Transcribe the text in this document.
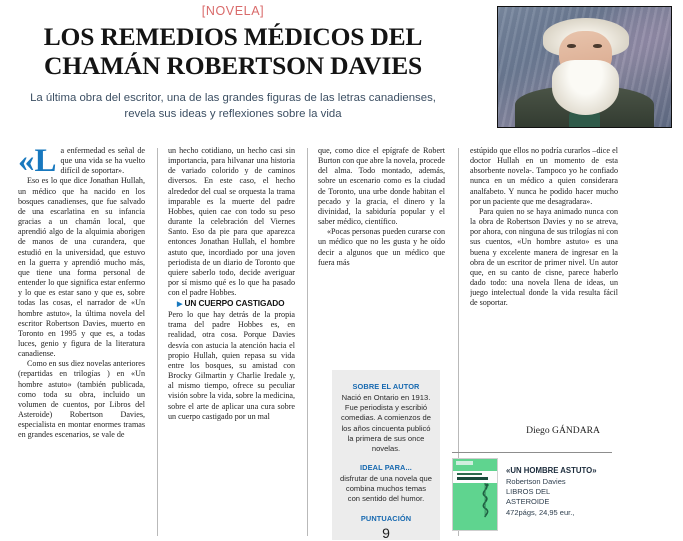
[NOVELA]
LOS REMEDIOS MÉDICOS DEL CHAMÁN ROBERTSON DAVIES
La última obra del escritor, una de las grandes figuras de las letras canadienses, revela sus ideas y reflexiones sobre la vida

«La enfermedad es señal de que una vida se ha vuelto difícil de soportar».

Eso es lo que dice Jonathan Hullah, un médico que ha nacido en los bosques canadienses, que fue salvado de una escarlatina en su infancia gracias a un chamán local, que aprendió algo de la alquimia aborigen de manos de una curandera, que estudió en la universidad, que estuvo en la guerra y aprendió mucho más, que tiene una forma personal de entender lo que significa estar enfermo y lo que es estar sano y que es, sobre todas las cosas, el narrador de «Un hombre astuto», la última novela del escritor Robertson Davies, muerto en Toronto en 1995 y que es, a todas luces, genio y figura de la literatura canadiense.

Como en sus diez novelas anteriores (repartidas en trilogías ) en «Un hombre astuto» (también publicada, como toda su obra, incluido un volumen de cuentos, por Libros del Asteroide) Robertson Davies, especialista en montar enormes tramas en grandes escenarios, se vale de

un hecho cotidiano, un hecho casi sin importancia, para hilvanar una historia de variado colorido y de caminos diversos. En este caso, el hecho alrededor del cual se orquesta la trama imparable es la muerte del padre Hobbes, quien cae con todo su peso durante la celebración del Viernes Santo. Eso da pie para que aparezca entonces Jonathan Hullah, el hombre astuto que, incordiado por una joven periodista de un diario de Toronto que quiere saberlo todo, decide averiguar por sí mismo qué es lo que ha pasado con el padre Hobbes.

▶ UN CUERPO CASTIGADO

Pero lo que hay detrás de la propia trama del padre Hobbes es, en realidad, otra cosa. Porque Davies desvía con astucia la atención hacia el propio Hullah, quien repasa su vida entre los bosques, su amistad con Brocky Gilmartin y Charlie Iredale y, al mismo tiempo, ofrece su peculiar visión sobre la vida, sobre la medicina, sobre el arte de aplicar una cura sobre un cuerpo castigado por un mal

que, como dice el epígrafe de Robert Burton con que abre la novela, procede del alma. Todo montado, además, sobre un escenario como es la ciudad de Toronto, una urbe donde habitan el pecado y la gracia, el dinero y la divinidad, la sabiduría popular y el saber médico, científico.

«Pocas personas pueden curarse con un médico que no les gusta y he oído decir a algunos que un médico que fuera más

estúpido que ellos no podría curarlos –dice el doctor Hullah en un momento de esta absorbente novela-. Tampoco yo he confiado nunca en un médico a quien considerara analfabeto. Y nunca he podido hacer mucho por un paciente que me desagradara».

Para quien no se haya animado nunca con la obra de Robertson Davies y no se atreva, por ahora, con ninguna de sus trilogías ni con sus cuentos, «Un hombre astuto» es una buena y excelente manera de ingresar en la obra de un escritor de primer nivel. Un autor que, en su canto de cisne, parece haberlo dado todo: una novela llena de ideas, un juego intelectual donde la vida resulta fácil de soportar.

SOBRE EL AUTOR
Nació en Ontario en 1913. Fue periodista y escribió comedias. A comienzos de los años cincuenta publicó la primera de sus once novelas.
IDEAL PARA...
disfrutar de una novela que combina muchos temas con sentido del humor.
PUNTUACIÓN
9
Diego GÁNDARA
«UN HOMBRE ASTUTO»
Robertson Davies
LIBROS DEL
ASTEROIDE
472págs, 24,95 eur.,
